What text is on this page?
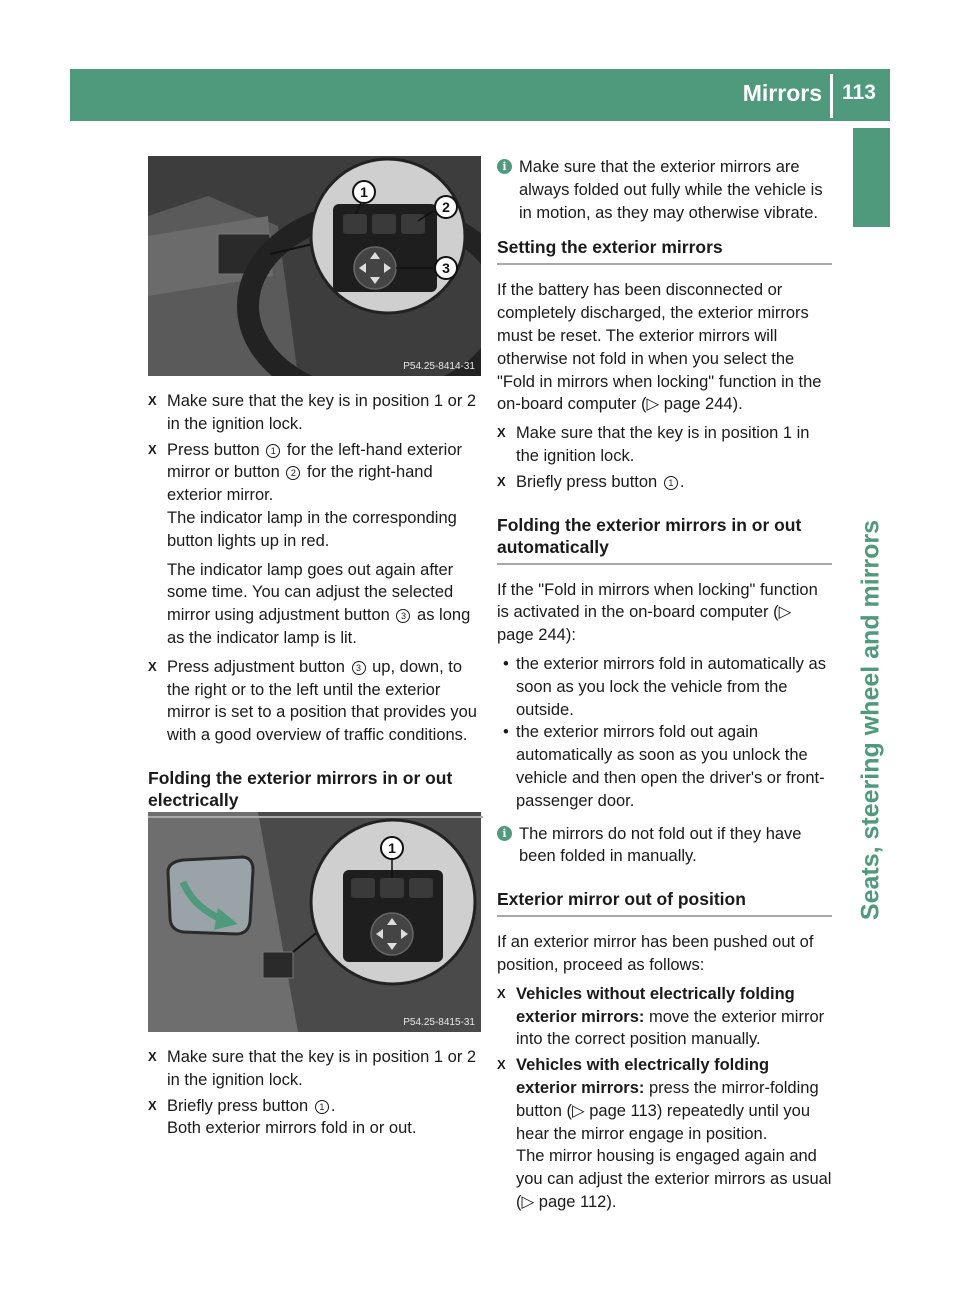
Mirrors 113
Seats, steering wheel and mirrors
1
2
3
P54.25-8414-31
1
P54.25-8415-31
X Make sure that the key is in position 1 or 2 in the ignition lock.
X Press button 1 for the left-hand exterior mirror or button 2 for the right-hand exterior mirror.

The indicator lamp in the corresponding button lights up in red.

The indicator lamp goes out again after some time. You can adjust the selected mirror using adjustment button 3 as long as the indicator lamp is lit.

X Press adjustment button 3 up, down, to the right or to the left until the exterior mirror is set to a position that provides you with a good overview of traffic conditions.
Folding the exterior mirrors in or out electrically
X Make sure that the key is in position 1 or 2 in the ignition lock.
X Briefly press button 1 .

Both exterior mirrors fold in or out.

i Make sure that the exterior mirrors are always folded out fully while the vehicle is in motion, as they may otherwise vibrate.
Setting the exterior mirrors

If the battery has been disconnected or completely discharged, the exterior mirrors must be reset. The exterior mirrors will otherwise not fold in when you select the "Fold in mirrors when locking" function in the on-board computer (▷ page 244).

X Make sure that the key is in position 1 in the ignition lock.
X Briefly press button 1 .
Folding the exterior mirrors in or out automatically

If the "Fold in mirrors when locking" function is activated in the on-board computer (▷ page 244):

• the exterior mirrors fold in automatically as soon as you lock the vehicle from the outside.
• the exterior mirrors fold out again automatically as soon as you unlock the vehicle and then open the driver's or front-passenger door.
i The mirrors do not fold out if they have been folded in manually.
Exterior mirror out of position

If an exterior mirror has been pushed out of position, proceed as follows:

X Vehicles without electrically folding exterior mirrors: move the exterior mirror into the correct position manually.
X Vehicles with electrically folding exterior mirrors: press the mirror-folding button (▷ page 113) repeatedly until you hear the mirror engage in position.

The mirror housing is engaged again and you can adjust the exterior mirrors as usual (▷ page 112).
